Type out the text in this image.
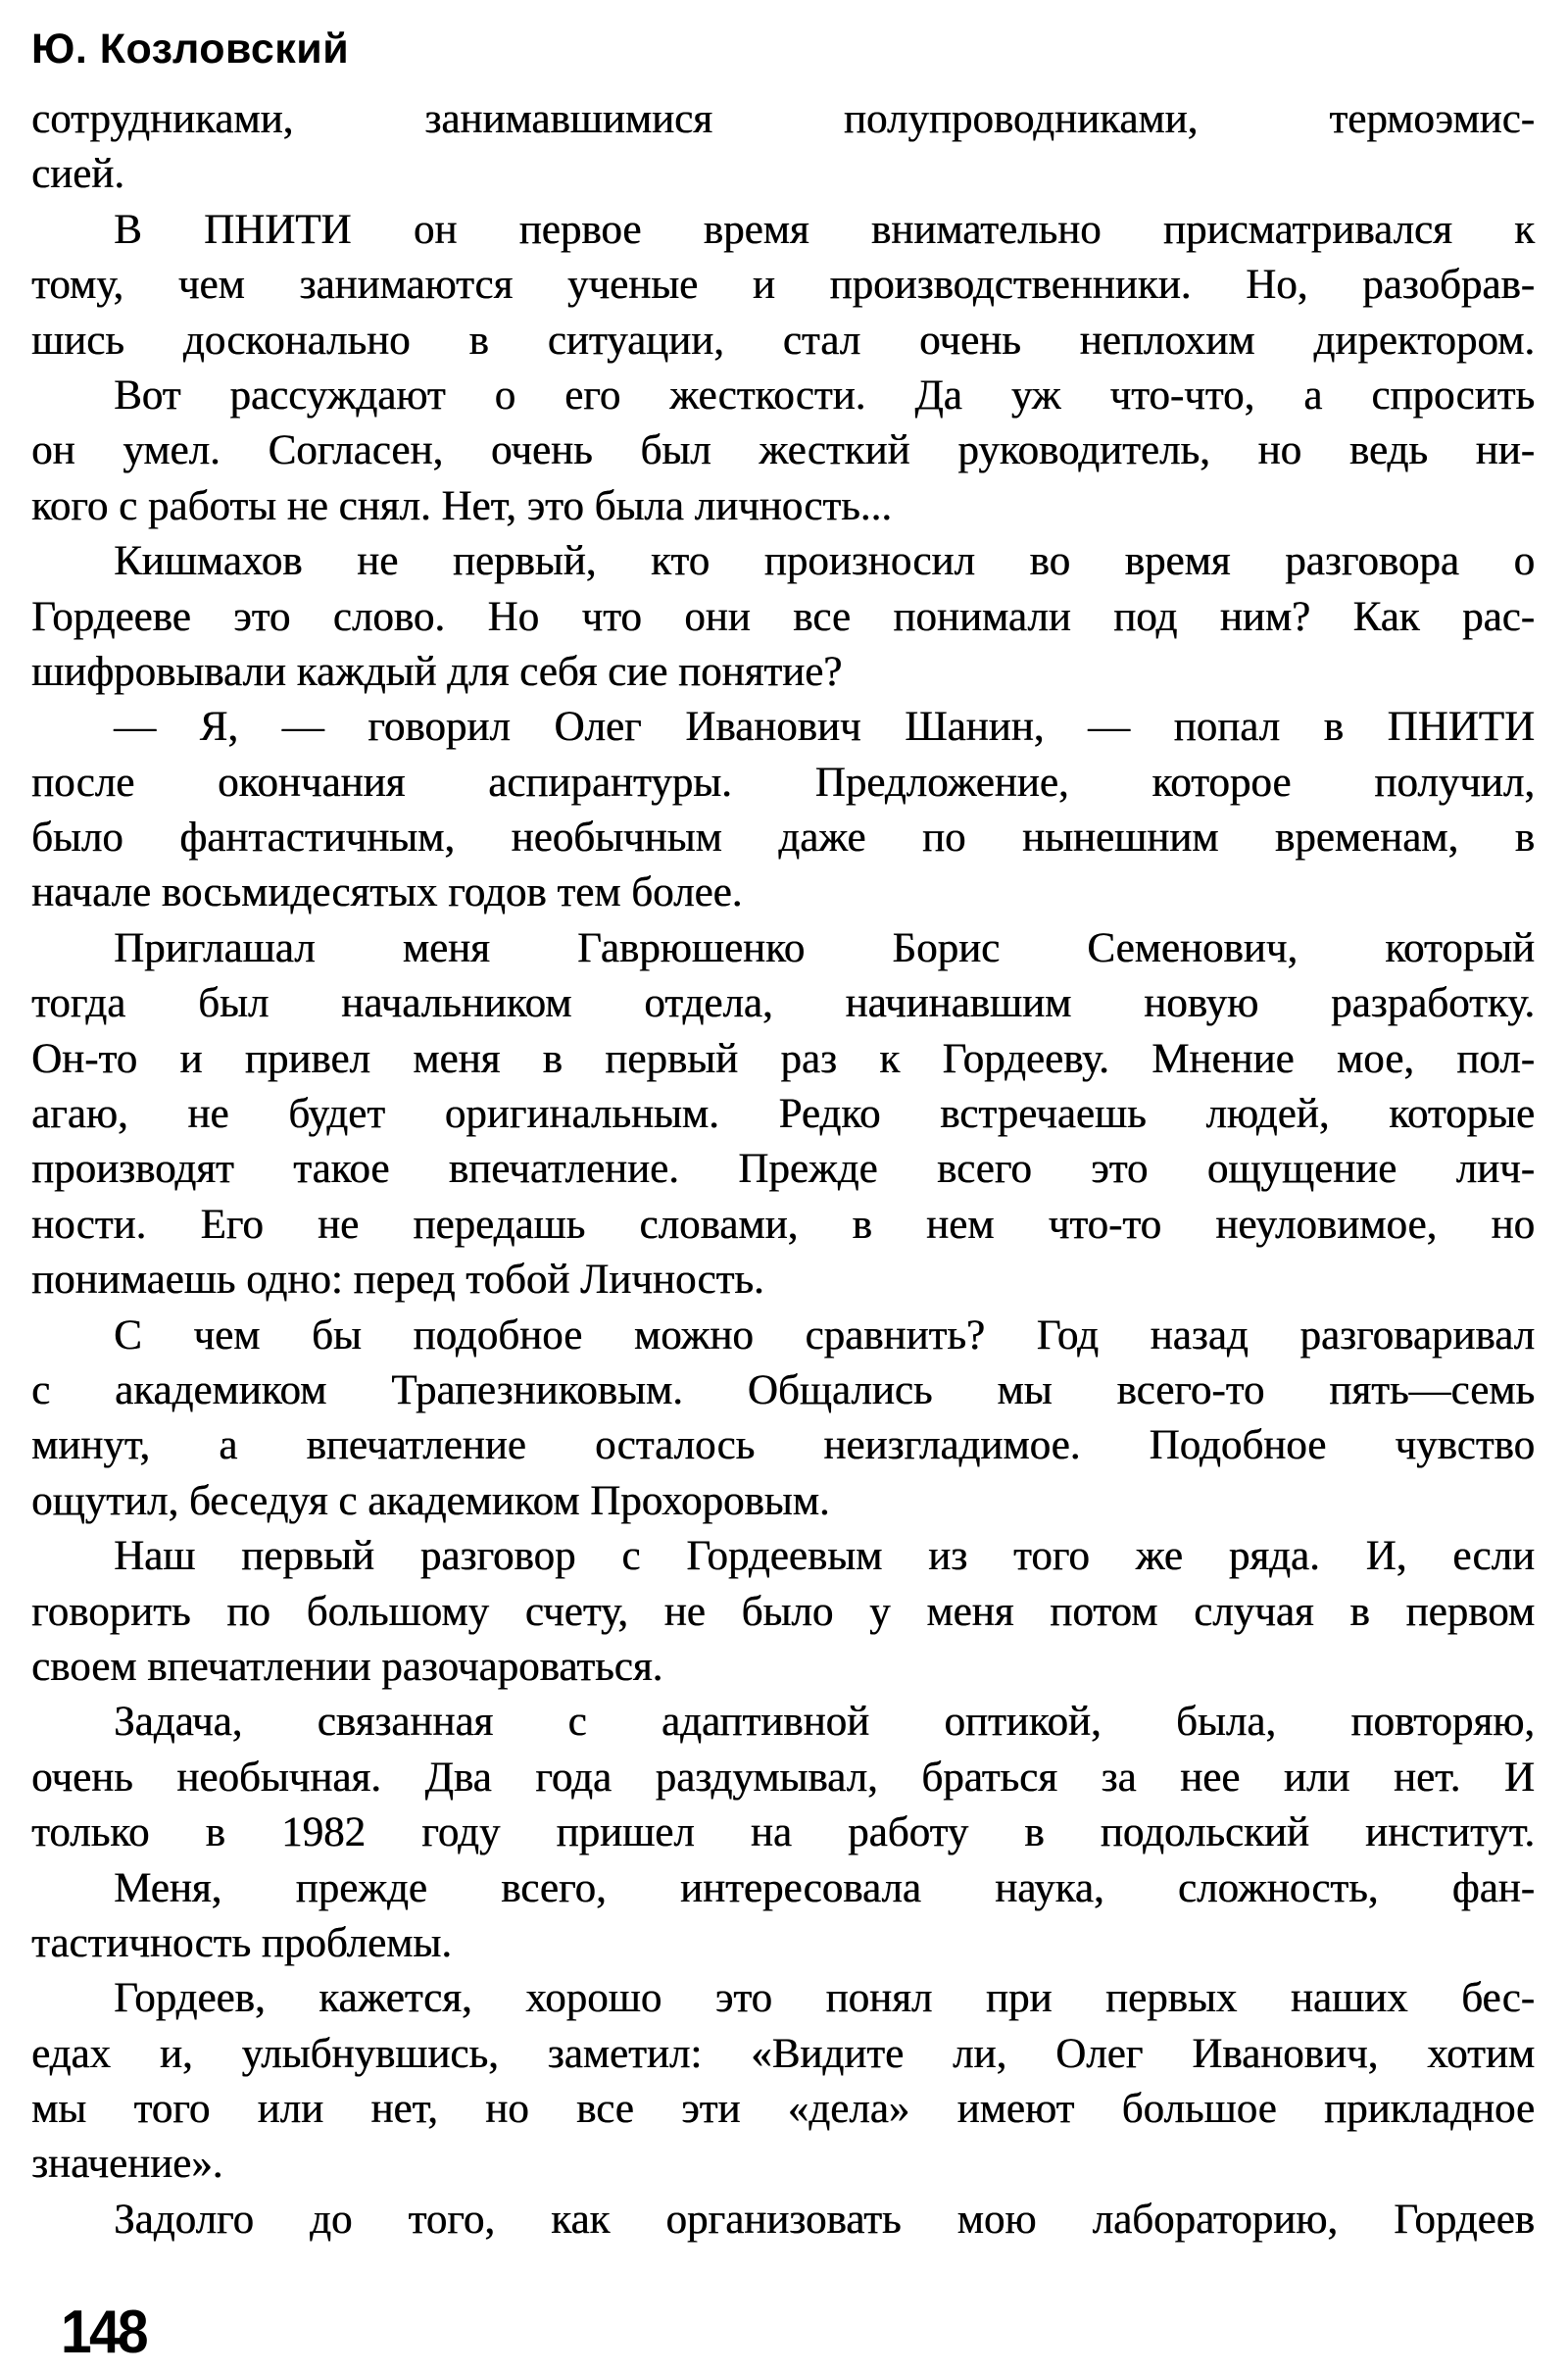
Ю. Козловский
сотрудниками, занимавшимися полупроводниками, термоэмис-
сией.
В ПНИТИ он первое время внимательно присматривался к
тому, чем занимаются ученые и производственники. Но, разобрав-
шись досконально в ситуации, стал очень неплохим директором.
Вот рассуждают о его жесткости. Да уж что-что, а спросить
он умел. Согласен, очень был жесткий руководитель, но ведь ни-
кого с работы не снял. Нет, это была личность...
Кишмахов не первый, кто произносил во время разговора о
Гордееве это слово. Но что они все понимали под ним? Как рас-
шифровывали каждый для себя сие понятие?
— Я, — говорил Олег Иванович Шанин, — попал в ПНИТИ
после окончания аспирантуры. Предложение, которое получил,
было фантастичным, необычным даже по нынешним временам, в
начале восьмидесятых годов тем более.
Приглашал меня Гаврюшенко Борис Семенович, который
тогда был начальником отдела, начинавшим новую разработку.
Он-то и привел меня в первый раз к Гордееву. Мнение мое, пол-
агаю, не будет оригинальным. Редко встречаешь людей, которые
производят такое впечатление. Прежде всего это ощущение лич-
ности. Его не передашь словами, в нем что-то неуловимое, но
понимаешь одно: перед тобой Личность.
С чем бы подобное можно сравнить? Год назад разговаривал
с академиком Трапезниковым. Общались мы всего-то пять—семь
минут, а впечатление осталось неизгладимое. Подобное чувство
ощутил, беседуя с академиком Прохоровым.
Наш первый разговор с Гордеевым из того же ряда. И, если
говорить по большому счету, не было у меня потом случая в первом
своем впечатлении разочароваться.
Задача, связанная с адаптивной оптикой, была, повторяю,
очень необычная. Два года раздумывал, браться за нее или нет. И
только в 1982 году пришел на работу в подольский институт.
Меня, прежде всего, интересовала наука, сложность, фан-
тастичность проблемы.
Гордеев, кажется, хорошо это понял при первых наших бес-
едах и, улыбнувшись, заметил: «Видите ли, Олег Иванович, хотим
мы того или нет, но все эти «дела» имеют большое прикладное
значение».
Задолго до того, как организовать мою лабораторию, Гордеев
148
